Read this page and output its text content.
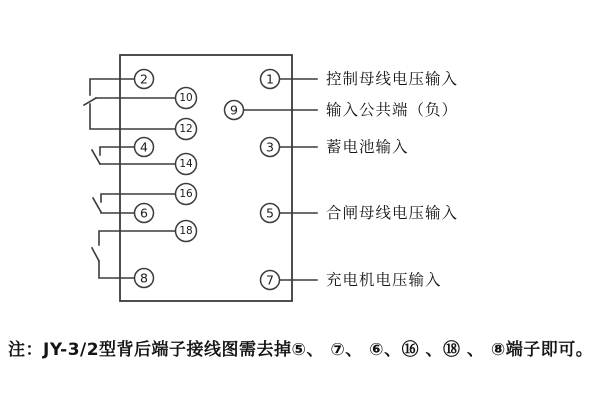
2
10
12
4
14
16
6
18
8
1
9
3
5
7
控制母线电压输入
输入公共端（负）
蓄电池输入
合闸母线电压输入
充电机电压输入
注：JY-3/2型背后端子接线图需去掉⑤、 ⑦、 ⑥、⑯ 、⑱ 、 ⑧端子即可。
